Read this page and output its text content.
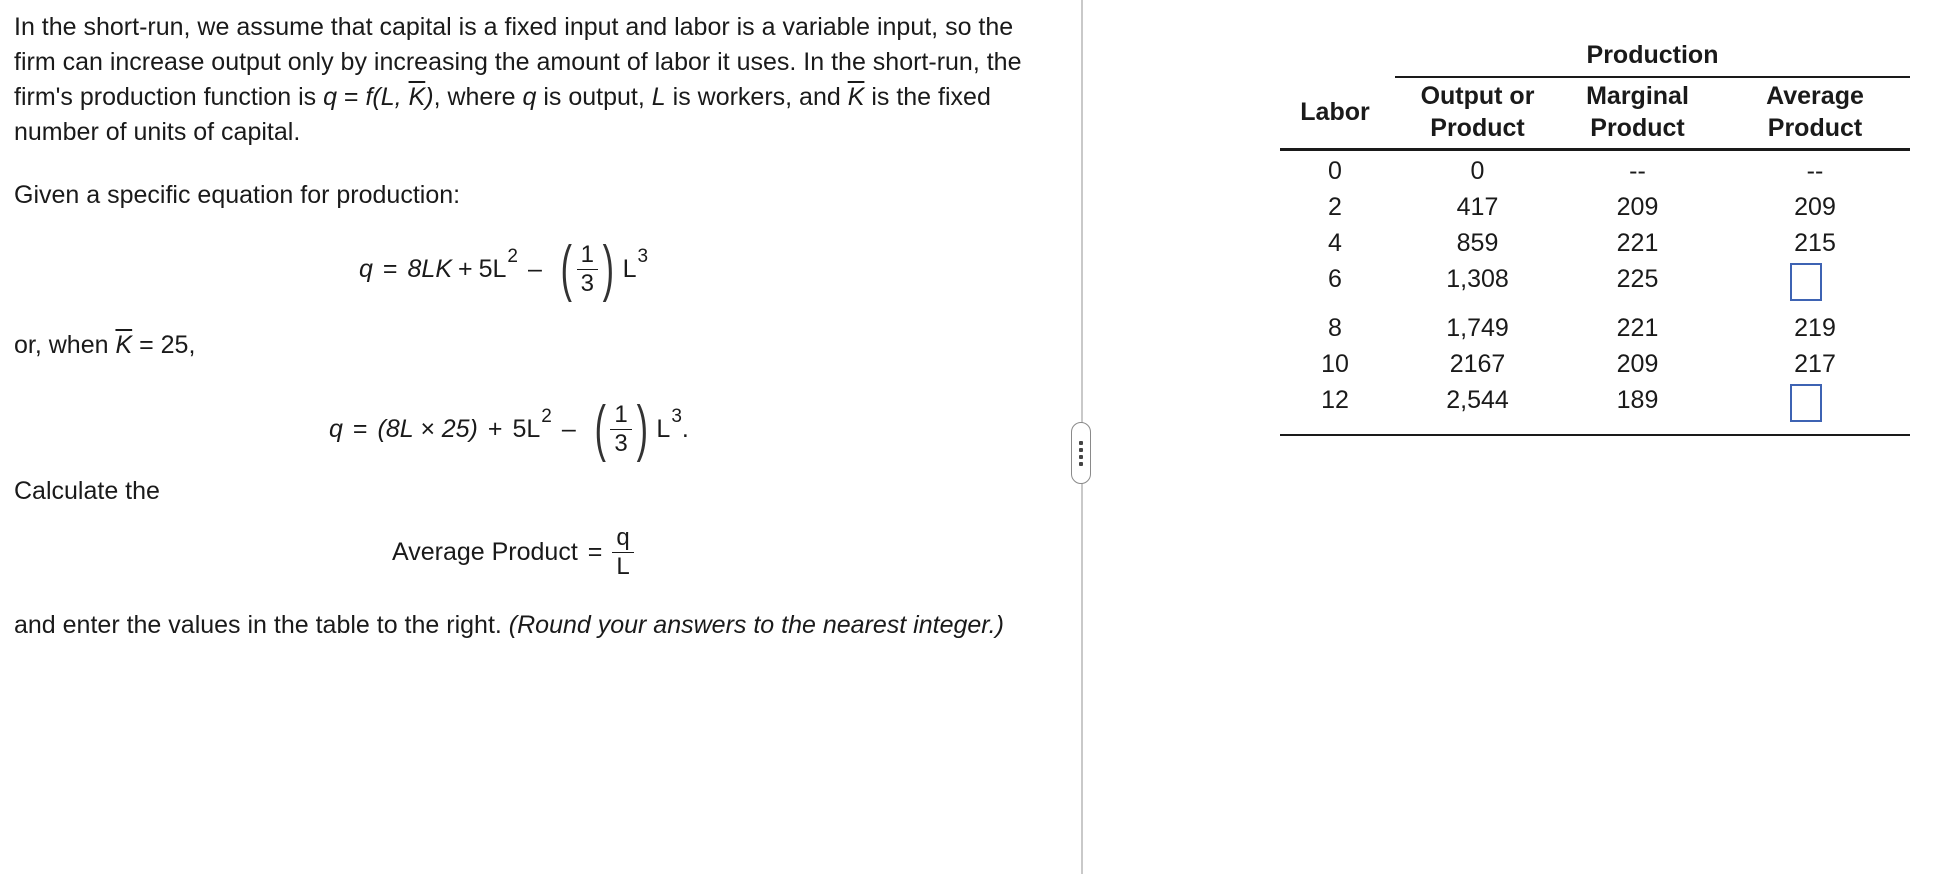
In the short-run, we assume that capital is a fixed input and labor is a variable input, so the firm can increase output only by increasing the amount of labor it uses. In the short-run, the firm's production function is q = f(L, $\overline{K}$), where q is output, L is workers, and $\overline{K}$ is the fixed number of units of capital.

Given a specific equation for production:

q = 8LK + 5L 2 – ( $\frac{1}{3}$ ) L 3

or, when $\overline{K} = 25$,

q = (8L × 25) + 5L 2 – ( $\frac{1}{3}$ ) L 3 .

Calculate the

Average Product = $\frac{q}{L}$

and enter the values in the table to the right. (Round your answers to the nearest integer.)

Production
Labor
Output or
Product
Marginal
Product
Average
Product
0	0	--	--
2	417	209	209
4	859	221	215
6	1,308	225
8	1,749	221	219
10	2167	209	217
12	2,544	189
